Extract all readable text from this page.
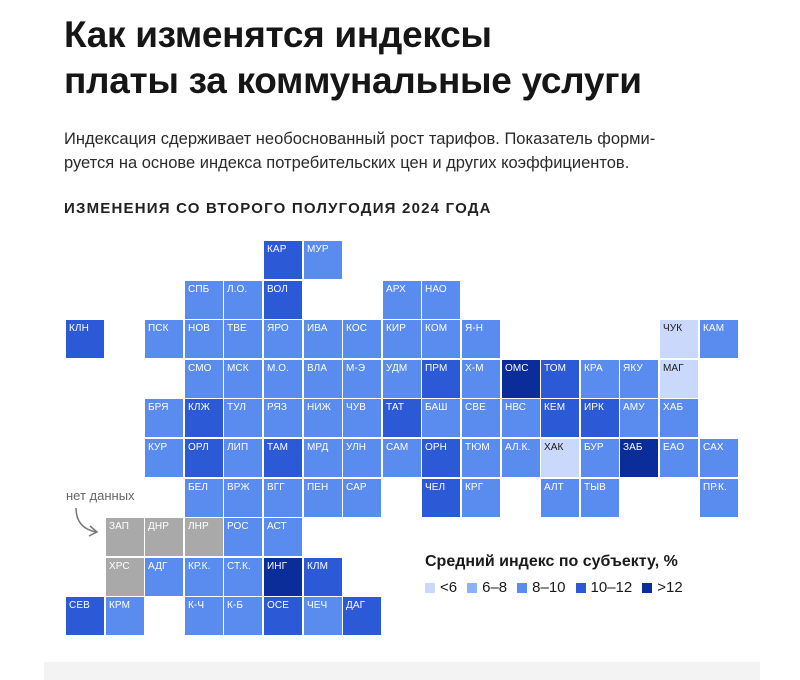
Как изменятся индексы
платы за коммунальные услуги
Индексация сдерживает необоснованный рост тарифов. Показатель форми-
руется на основе индекса потребительских цен и других коэффициентов.
ИЗМЕНЕНИЯ СО ВТОРОГО ПОЛУГОДИЯ 2024 ГОДА
КАР МУР
СПБ Л.О. ВОЛ	АРХ НАО
КЛН	ПСК НОВ ТВЕ ЯРО ИВА КОС КИР КОМ Я-Н	ЧУК КАМ
СМО МСК М.О. ВЛА М-Э УДМ ПРМ Х-М ОМС ТОМ КРА ЯКУ МАГ
БРЯ КЛЖ ТУЛ РЯЗ НИЖ ЧУВ ТАТ БАШ СВЕ НВС КЕМ ИРК АМУ ХАБ
КУР ОРЛ ЛИП ТАМ МРД УЛН САМ ОРН ТЮМ АЛ.К. ХАК БУР ЗАБ ЕАО САХ
БЕЛ ВРЖ ВГГ ПЕН САР	ЧЕЛ КРГ	АЛТ ТЫВ	ПР.К.
ЗАП ДНР ЛНР РОС АСТ
ХРС АДГ КР.К. СТ.К. ИНГ КЛМ
СЕВ КРМ	К-Ч К-Б ОСЕ ЧЕЧ ДАГ
нет данных
Средний индекс по субъекту, %
<6 6–8 8–10 10–12 >12
